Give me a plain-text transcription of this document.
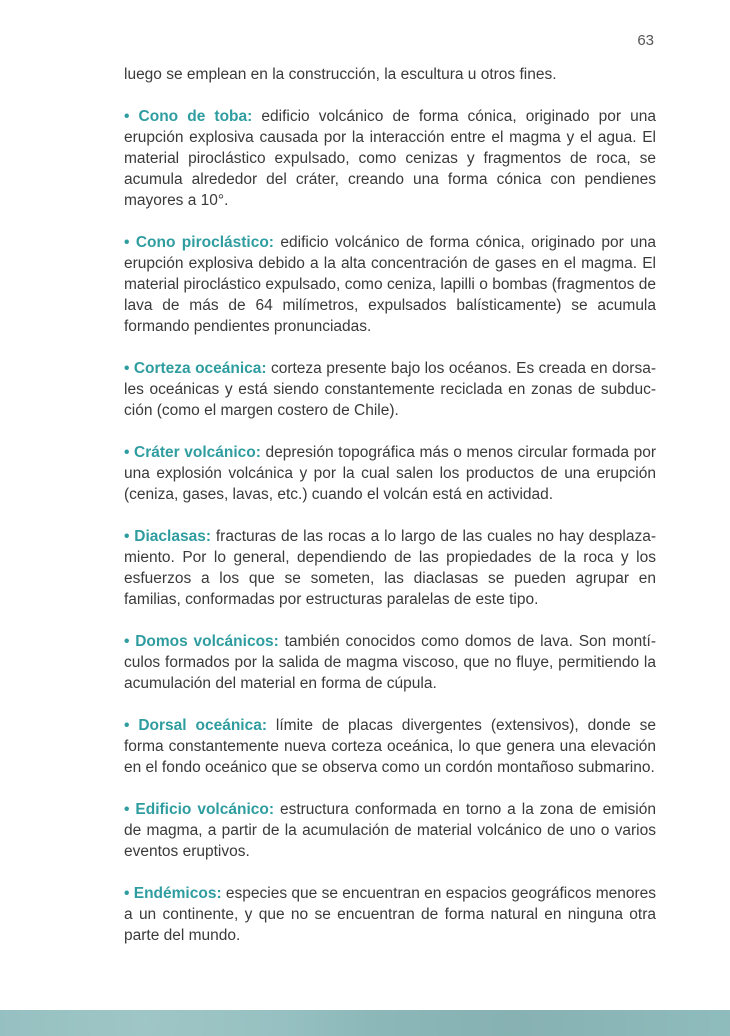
63

luego se emplean en la construcción, la escultura u otros fines.

• Cono de toba: edificio volcánico de forma cónica, originado por una erupción explosiva causada por la interacción entre el magma y el agua. El material piroclástico expulsado, como cenizas y fragmentos de roca, se acumula alrededor del cráter, creando una forma cónica con pendienes mayores a 10°.

• Cono piroclástico: edificio volcánico de forma cónica, originado por una erupción explosiva debido a la alta concentración de gases en el magma. El material piroclástico expulsado, como ceniza, lapilli o bombas (fragmentos de lava de más de 64 milímetros, expulsados balísticamente) se acumula formando pendientes pronunciadas.

• Corteza oceánica: corteza presente bajo los océanos. Es creada en dorsales oceánicas y está siendo constantemente reciclada en zonas de subducción (como el margen costero de Chile).

• Cráter volcánico: depresión topográfica más o menos circular formada por una explosión volcánica y por la cual salen los productos de una erupción (ceniza, gases, lavas, etc.) cuando el volcán está en actividad.

• Diaclasas: fracturas de las rocas a lo largo de las cuales no hay desplazamiento. Por lo general, dependiendo de las propiedades de la roca y los esfuerzos a los que se someten, las diaclasas se pueden agrupar en familias, conformadas por estructuras paralelas de este tipo.

• Domos volcánicos: también conocidos como domos de lava. Son montículos formados por la salida de magma viscoso, que no fluye, permitiendo la acumulación del material en forma de cúpula.

• Dorsal oceánica: límite de placas divergentes (extensivos), donde se forma constantemente nueva corteza oceánica, lo que genera una elevación en el fondo oceánico que se observa como un cordón montañoso submarino.

• Edificio volcánico: estructura conformada en torno a la zona de emisión de magma, a partir de la acumulación de material volcánico de uno o varios eventos eruptivos.

• Endémicos: especies que se encuentran en espacios geográficos menores a un continente, y que no se encuentran de forma natural en ninguna otra parte del mundo.
